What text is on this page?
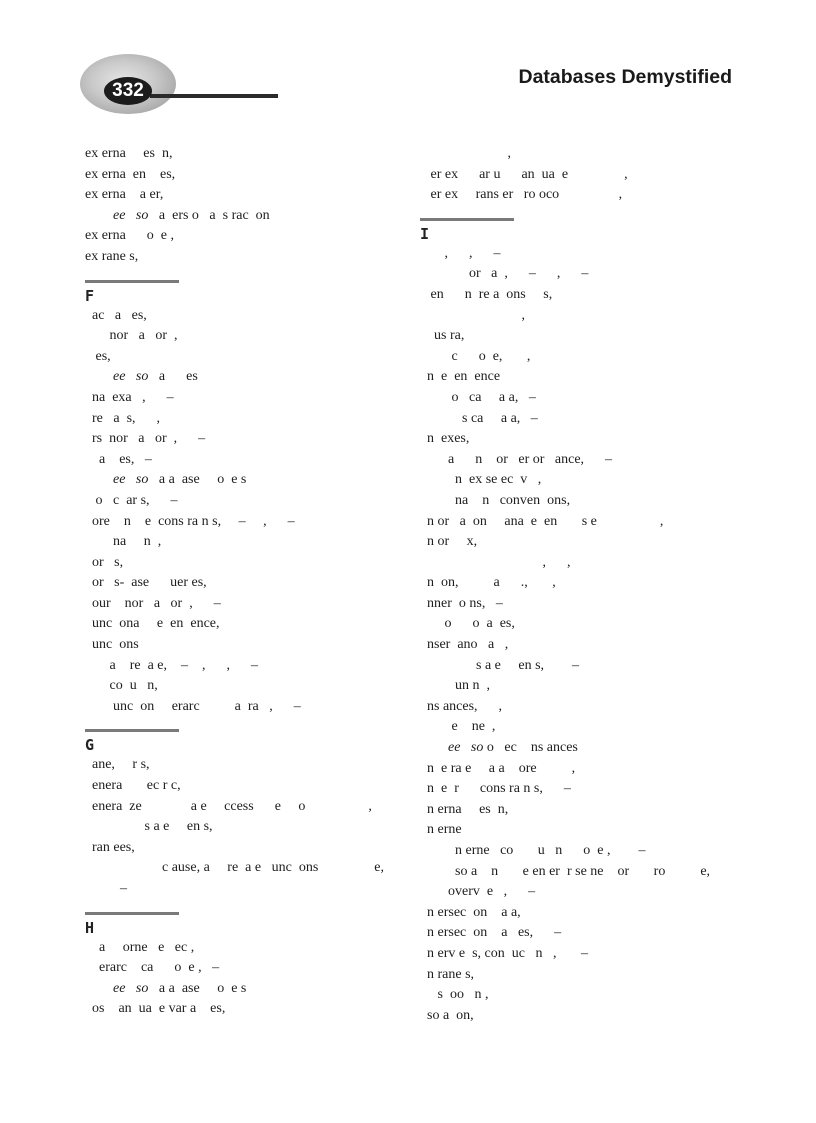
332
Databases Demystified
ex erna     es  n,
ex erna  en    es,
ex erna    a er,
ee   so   a  ers o   a  s rac  on
ex erna      o  e ,
ex rane s,
F
ac   a   es,
nor   a   or  ,
es,
ee   so   a      es
na  exa   ,      –
re   a  s,      ,
rs  nor   a   or  ,      –
a    es,   –
ee   so   a a  ase     o  e s
o   c  ar s,      –
ore    n    e  cons ra n s,     –     ,      –
na     n  ,
or   s,
or   s-  ase      uer es,
our    nor   a   or  ,      –
unc  ona     e  en  ence,
unc  ons
a    re  a e,    –    ,      ,      –
co  u   n,
unc  on     erarc          a  ra   ,      –
G
ane,     r s,
enera       ec r c,
enera  ze              a e     ccess      e     o                  ,
s a e     en s,
ran ees,
c ause, a     re  a e   unc  ons                e,
–
H
a     orne   e   ec ,
erarc    ca      o  e ,   –
ee   so   a a  ase     o  e s
os    an  ua  e var a    es,
,
er ex      ar u      an  ua  e                ,
er ex     rans er   ro oco                 ,
I
,      ,      –
or   a  ,      –      ,      –
en      n  re a  ons     s,
,
us ra,
c      o  e,       ,
n  e  en  ence
o   ca     a a,   –
s ca     a a,   –
n  exes,
a      n    or   er or   ance,      –
n  ex se ec  v   ,
na    n   conven  ons,
n or   a  on     ana  e  en       s e                  ,
n or     x,
,      ,
n  on,          a      .,       ,
nner  o ns,   –
o      o  a  es,
nser  ano   a   ,
s a e     en s,        –
un n  ,
ns ances,      ,
e    ne  ,
ee   so o   ec    ns ances
n  e ra e     a a    ore          ,
n  e  r      cons ra n s,      –
n erna     es  n,
n erne
n erne   co       u   n      o  e ,        –
so a    n       e en er  r se ne    or       ro          e,
overv  e   ,      –
n ersec  on    a a,
n ersec  on    a   es,      –
n erv e  s, con  uc   n   ,       –
n rane s,
s  oo   n ,
so a  on,
